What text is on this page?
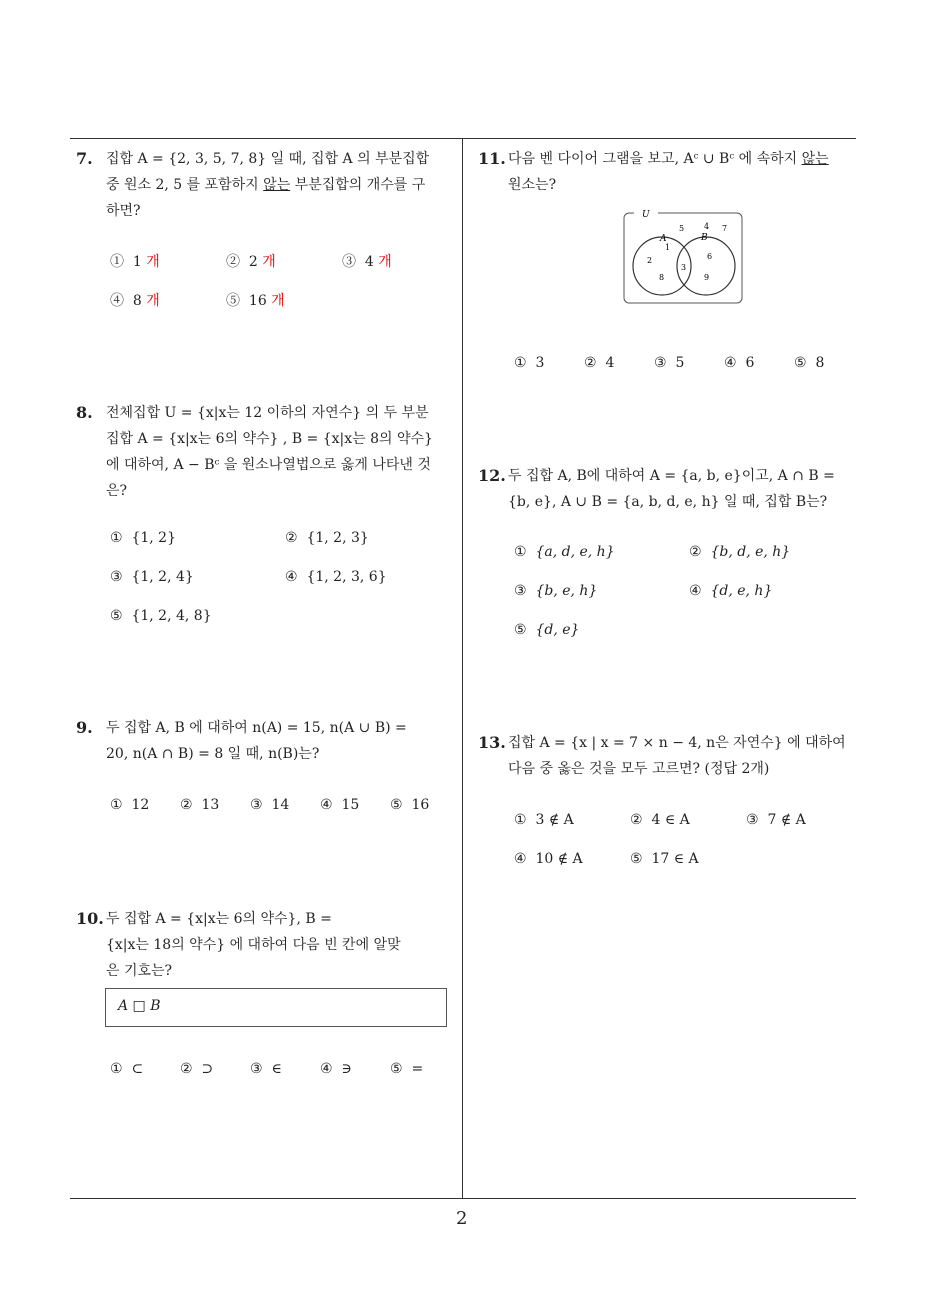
2
7. 집합 A = {2, 3, 5, 7, 8} 일 때, 집합 A 의 부분집합
중 원소 2, 5 를 포함하지 않는 부분집합의 개수를 구
하면?
① 1 개	② 2 개	③ 4 개
④ 8 개	⑤ 16 개
8. 전체집합 U = {x|x는 12 이하의 자연수} 의 두 부분
집합 A = {x|x는 6의 약수} , B = {x|x는 8의 약수}
에 대하여, A − Bᶜ 을 원소나열법으로 옳게 나타낸 것
은?
① {1, 2}	② {1, 2, 3}
③ {1, 2, 4}	④ {1, 2, 3, 6}
⑤ {1, 2, 4, 8}
9. 두 집합 A, B 에 대하여 n(A) = 15, n(A ∪ B) =
20, n(A ∩ B) = 8 일 때, n(B)는?
① 12 ② 13 ③ 14 ④ 15 ⑤ 16
10. 두 집합 A = {x|x는 6의 약수}, B =
{x|x는 18의 약수} 에 대하여 다음 빈 칸에 알맞
은 기호는?
A □ B
① ⊂	② ⊃	③ ∈	④ ∋	⑤ =
11. 다음 벤 다이어 그램을 보고, Aᶜ ∪ Bᶜ 에 속하지 않는
원소는?
U
A	B
5 4 7
1
2
8
3
6
9
① 3	② 4	③ 5	④ 6	⑤ 8
12. 두 집합 A, B에 대하여 A = {a, b, e}이고, A ∩ B =
{b, e}, A ∪ B = {a, b, d, e, h} 일 때, 집합 B는?
① {a, d, e, h}	② {b, d, e, h}
③ {b, e, h}	④ {d, e, h}
⑤ {d, e}
13. 집합 A = {x | x = 7 × n − 4, n은 자연수} 에 대하여
다음 중 옳은 것을 모두 고르면? (정답 2개)
① 3 ∉ A	② 4 ∈ A	③ 7 ∉ A
④ 10 ∉ A	⑤ 17 ∈ A
